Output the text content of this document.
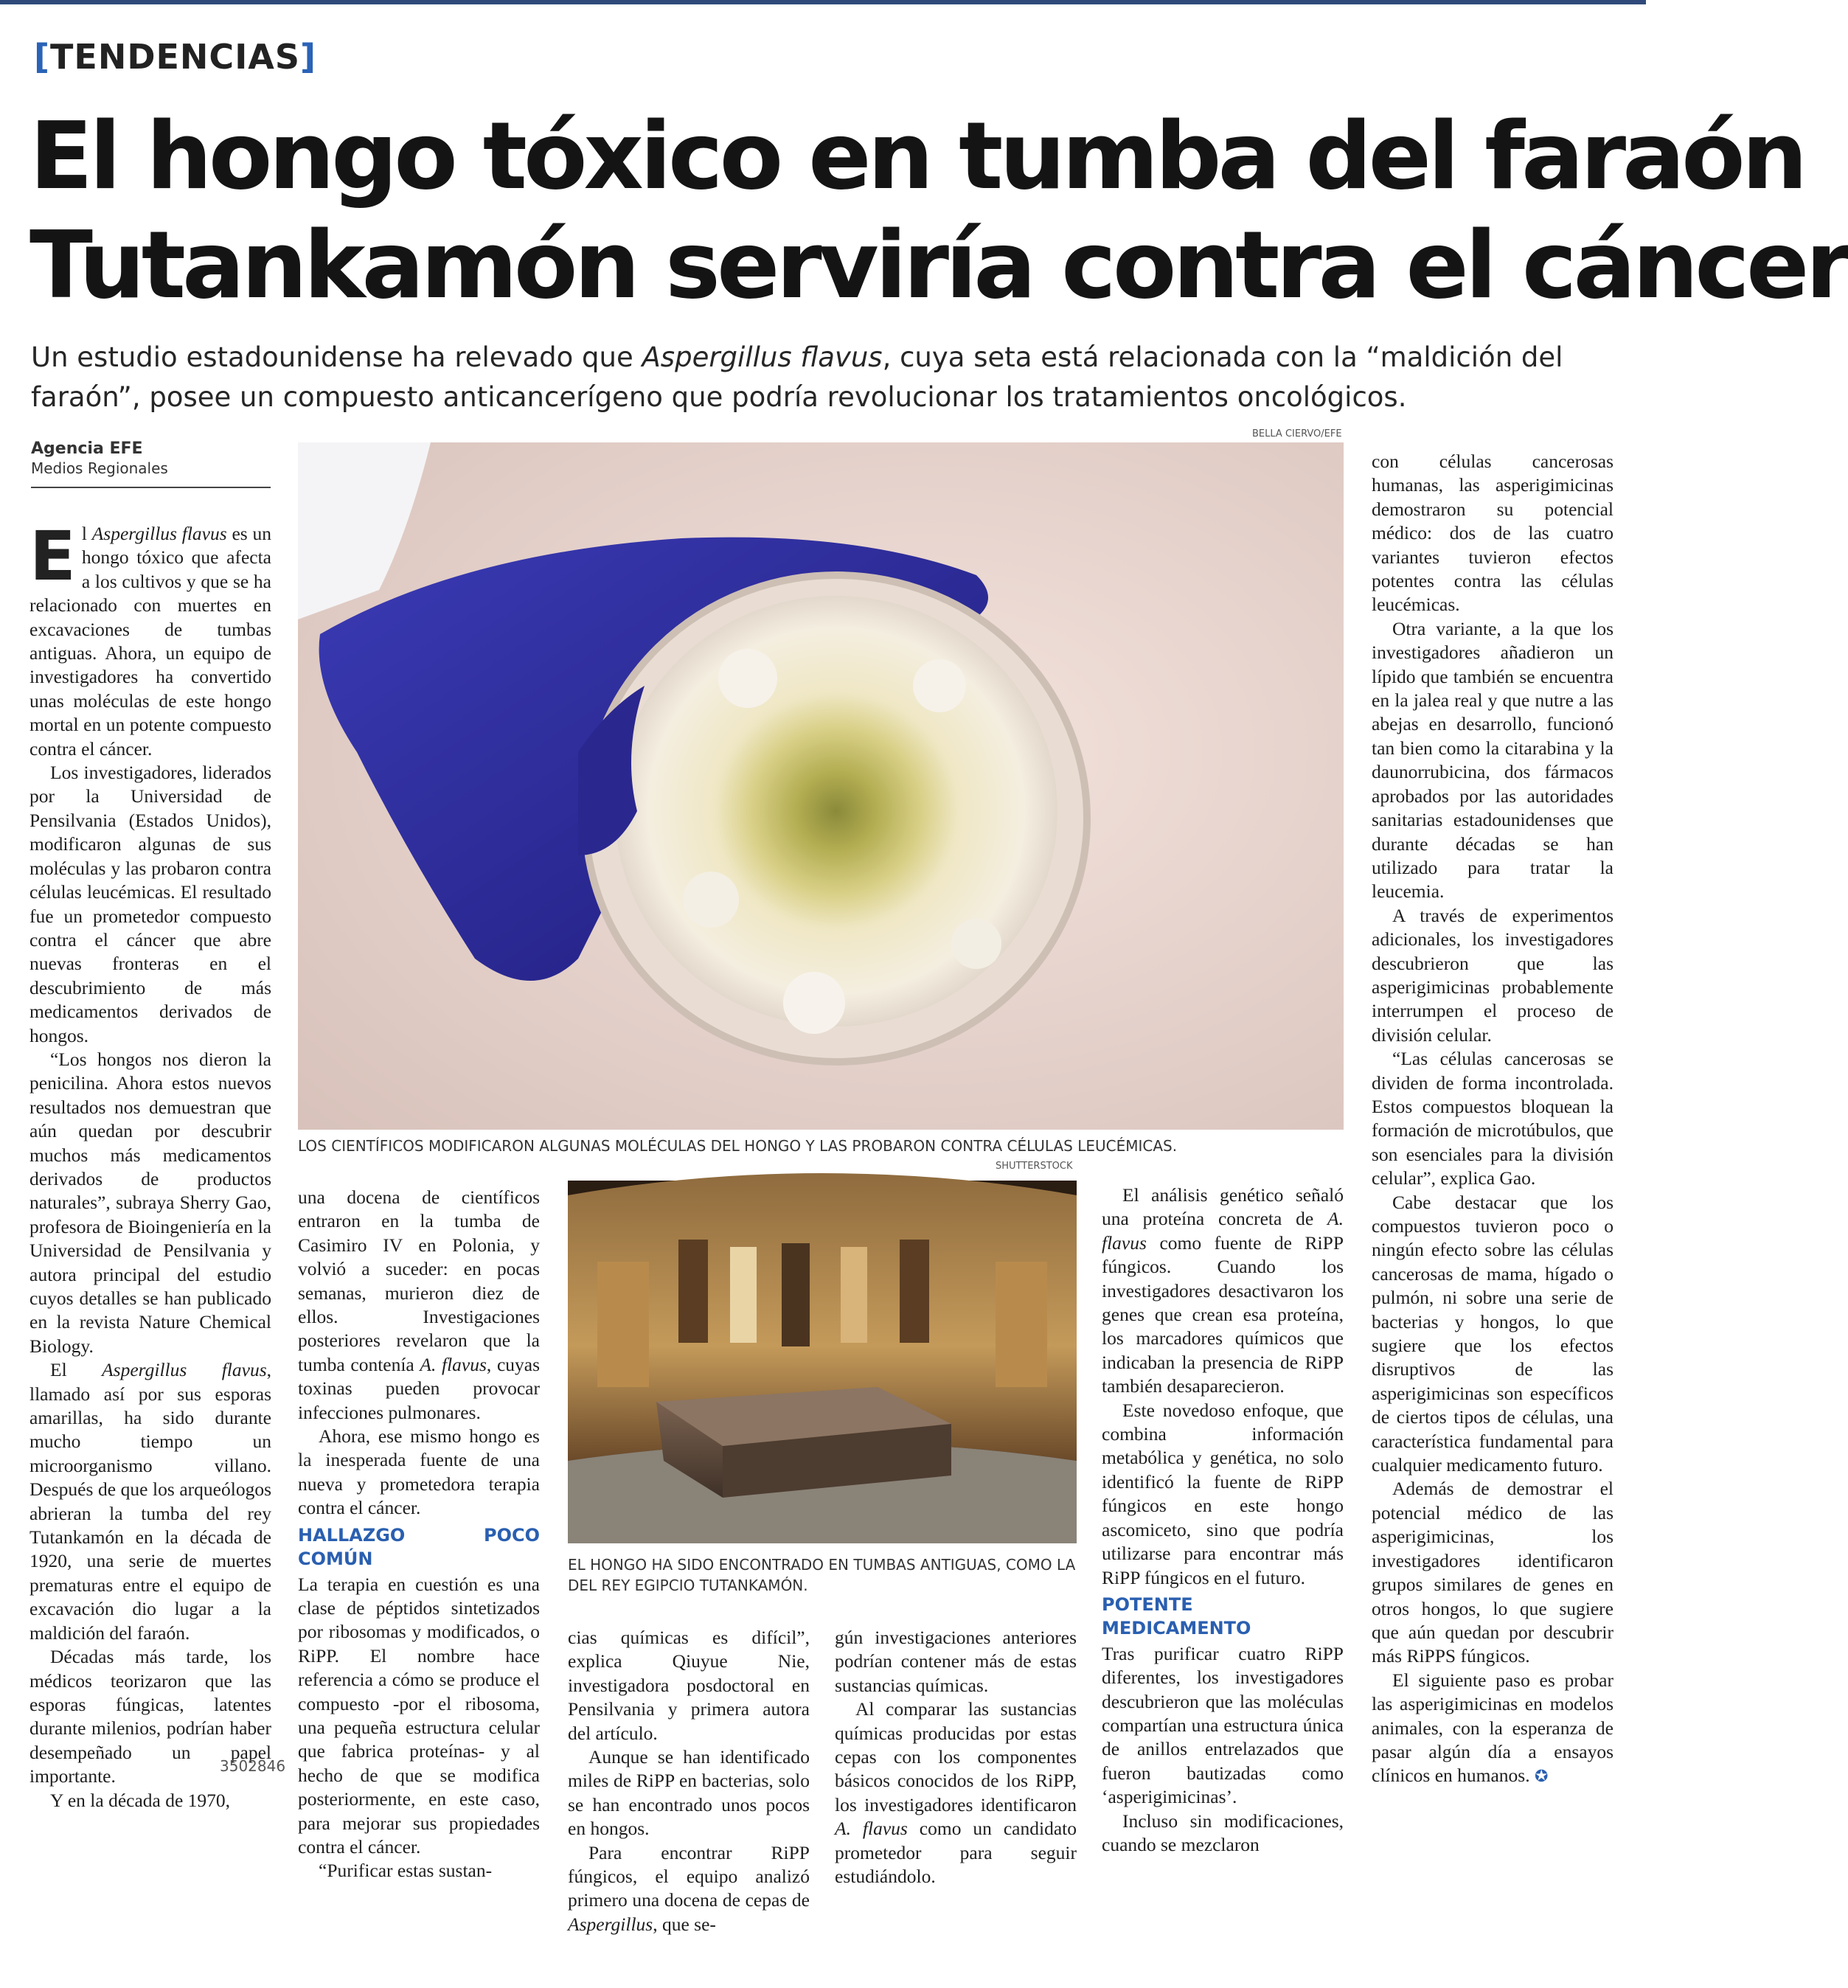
[TENDENCIAS]
El hongo tóxico en tumba del faraón
Tutankamón serviría contra el cáncer
Un estudio estadounidense ha relevado que Aspergillus flavus, cuya seta está relacionada con la “maldición del faraón”, posee un compuesto anticancerígeno que podría revolucionar los tratamientos oncológicos.
Agencia EFE
Medios Regionales

El Aspergillus flavus es un hongo tóxico que afecta a los cultivos y que se ha relacionado con muertes en excavaciones de tumbas antiguas. Ahora, un equipo de investigadores ha convertido unas moléculas de este hongo mortal en un potente compuesto contra el cáncer.

Los investigadores, liderados por la Universidad de Pensilvania (Estados Unidos), modificaron algunas de sus moléculas y las probaron contra células leucémicas. El resultado fue un prometedor compuesto contra el cáncer que abre nuevas fronteras en el descubrimiento de más medicamentos derivados de hongos.

“Los hongos nos dieron la penicilina. Ahora estos nuevos resultados nos demuestran que aún quedan por descubrir muchos más medicamentos derivados de productos naturales”, subraya Sherry Gao, profesora de Bioingeniería en la Universidad de Pensilvania y autora principal del estudio cuyos detalles se han publicado en la revista Nature Chemical Biology.

El Aspergillus flavus, llamado así por sus esporas amarillas, ha sido durante mucho tiempo un microorganismo villano. Después de que los arqueólogos abrieran la tumba del rey Tutankamón en la década de 1920, una serie de muertes prematuras entre el equipo de excavación dio lugar a la maldición del faraón.

Décadas más tarde, los médicos teorizaron que las esporas fúngicas, latentes durante milenios, podrían haber desempeñado un papel importante.

Y en la década de 1970,

BELLA CIERVO/EFE
LOS CIENTÍFICOS MODIFICARON ALGUNAS MOLÉCULAS DEL HONGO Y LAS PROBARON CONTRA CÉLULAS LEUCÉMICAS.
SHUTTERSTOCK

una docena de científicos entraron en la tumba de Casimiro IV en Polonia, y volvió a suceder: en pocas semanas, murieron diez de ellos. Investigaciones posteriores revelaron que la tumba contenía A. flavus, cuyas toxinas pueden provocar infecciones pulmonares.

Ahora, ese mismo hongo es la inesperada fuente de una nueva y prometedora terapia contra el cáncer.

HALLAZGO POCO COMÚN

La terapia en cuestión es una clase de péptidos sintetizados por ribosomas y modificados, o RiPP. El nombre hace referencia a cómo se produce el compuesto -por el ribosoma, una pequeña estructura celular que fabrica proteínas- y al hecho de que se modifica posteriormente, en este caso, para mejorar sus propiedades contra el cáncer.

“Purificar estas sustan-

EL HONGO HA SIDO ENCONTRADO EN TUMBAS ANTIGUAS, COMO LA DEL REY EGIPCIO TUTANKAMÓN.

cias químicas es difícil”, explica Qiuyue Nie, investigadora posdoctoral en Pensilvania y primera autora del artículo.

Aunque se han identificado miles de RiPP en bacterias, solo se han encontrado unos pocos en hongos.

Para encontrar RiPP fúngicos, el equipo analizó primero una docena de cepas de Aspergillus, que se-

gún investigaciones anteriores podrían contener más de estas sustancias químicas.

Al comparar las sustancias químicas producidas por estas cepas con los componentes básicos conocidos de los RiPP, los investigadores identificaron A. flavus como un candidato prometedor para seguir estudiándolo.

El análisis genético señaló una proteína concreta de A. flavus como fuente de RiPP fúngicos. Cuando los investigadores desactivaron los genes que crean esa proteína, los marcadores químicos que indicaban la presencia de RiPP también desaparecieron.

Este novedoso enfoque, que combina información metabólica y genética, no solo identificó la fuente de RiPP fúngicos en este hongo ascomiceto, sino que podría utilizarse para encontrar más RiPP fúngicos en el futuro.

POTENTE MEDICAMENTO

Tras purificar cuatro RiPP diferentes, los investigadores descubrieron que las moléculas compartían una estructura única de anillos entrelazados que fueron bautizadas como ‘asperigimicinas’.

Incluso sin modificaciones, cuando se mezclaron

con células cancerosas humanas, las asperigimicinas demostraron su potencial médico: dos de las cuatro variantes tuvieron efectos potentes contra las células leucémicas.

Otra variante, a la que los investigadores añadieron un lípido que también se encuentra en la jalea real y que nutre a las abejas en desarrollo, funcionó tan bien como la citarabina y la daunorrubicina, dos fármacos aprobados por las autoridades sanitarias estadounidenses que durante décadas se han utilizado para tratar la leucemia.

A través de experimentos adicionales, los investigadores descubrieron que las asperigimicinas probablemente interrumpen el proceso de división celular.

“Las células cancerosas se dividen de forma incontrolada. Estos compuestos bloquean la formación de microtúbulos, que son esenciales para la división celular”, explica Gao.

Cabe destacar que los compuestos tuvieron poco o ningún efecto sobre las células cancerosas de mama, hígado o pulmón, ni sobre una serie de bacterias y hongos, lo que sugiere que los efectos disruptivos de las asperigimicinas son específicos de ciertos tipos de células, una característica fundamental para cualquier medicamento futuro.

Además de demostrar el potencial médico de las asperigimicinas, los investigadores identificaron grupos similares de genes en otros hongos, lo que sugiere que aún quedan por descubrir más RiPPS fúngicos.

El siguiente paso es probar las asperigimicinas en modelos animales, con la esperanza de pasar algún día a ensayos clínicos en humanos. ✪

3502846
